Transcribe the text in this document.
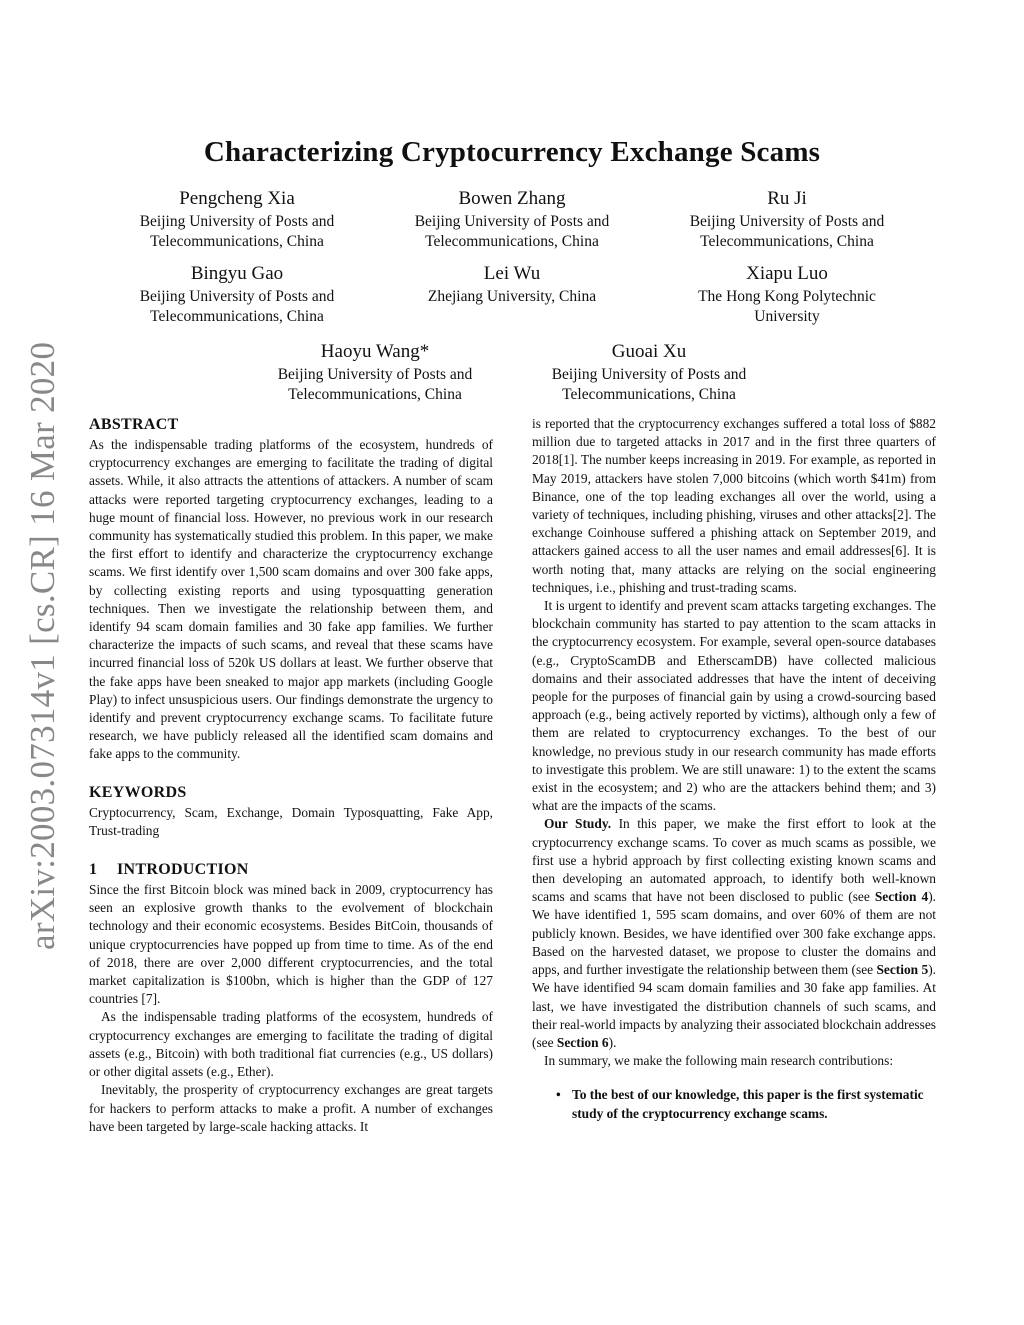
arXiv:2003.07314v1 [cs.CR] 16 Mar 2020
Characterizing Cryptocurrency Exchange Scams
Pengcheng Xia
Beijing University of Posts and
Telecommunications, China
Bowen Zhang
Beijing University of Posts and
Telecommunications, China
Ru Ji
Beijing University of Posts and
Telecommunications, China
Bingyu Gao
Beijing University of Posts and
Telecommunications, China
Lei Wu
Zhejiang University, China
Xiapu Luo
The Hong Kong Polytechnic
University
Haoyu Wang*
Beijing University of Posts and
Telecommunications, China
Guoai Xu
Beijing University of Posts and
Telecommunications, China
ABSTRACT

As the indispensable trading platforms of the ecosystem, hundreds of cryptocurrency exchanges are emerging to facilitate the trading of digital assets. While, it also attracts the attentions of attackers. A number of scam attacks were reported targeting cryptocurrency exchanges, leading to a huge mount of financial loss. However, no previous work in our research community has systematically studied this problem. In this paper, we make the first effort to identify and characterize the cryptocurrency exchange scams. We first identify over 1,500 scam domains and over 300 fake apps, by collecting existing reports and using typosquatting generation techniques. Then we investigate the relationship between them, and identify 94 scam domain families and 30 fake app families. We further characterize the impacts of such scams, and reveal that these scams have incurred financial loss of 520k US dollars at least. We further observe that the fake apps have been sneaked to major app markets (including Google Play) to infect unsuspicious users. Our findings demonstrate the urgency to identify and prevent cryptocurrency exchange scams. To facilitate future research, we have publicly released all the identified scam domains and fake apps to the community.

KEYWORDS

Cryptocurrency, Scam, Exchange, Domain Typosquatting, Fake App, Trust-trading

1 INTRODUCTION

Since the first Bitcoin block was mined back in 2009, cryptocurrency has seen an explosive growth thanks to the evolvement of blockchain technology and their economic ecosystems. Besides BitCoin, thousands of unique cryptocurrencies have popped up from time to time. As of the end of 2018, there are over 2,000 different cryptocurrencies, and the total market capitalization is $100bn, which is higher than the GDP of 127 countries [7].

As the indispensable trading platforms of the ecosystem, hundreds of cryptocurrency exchanges are emerging to facilitate the trading of digital assets (e.g., Bitcoin) with both traditional fiat currencies (e.g., US dollars) or other digital assets (e.g., Ether).

Inevitably, the prosperity of cryptocurrency exchanges are great targets for hackers to perform attacks to make a profit. A number of exchanges have been targeted by large-scale hacking attacks. It

is reported that the cryptocurrency exchanges suffered a total loss of $882 million due to targeted attacks in 2017 and in the first three quarters of 2018[1]. The number keeps increasing in 2019. For example, as reported in May 2019, attackers have stolen 7,000 bitcoins (which worth $41m) from Binance, one of the top leading exchanges all over the world, using a variety of techniques, including phishing, viruses and other attacks[2]. The exchange Coinhouse suffered a phishing attack on September 2019, and attackers gained access to all the user names and email addresses[6]. It is worth noting that, many attacks are relying on the social engineering techniques, i.e., phishing and trust-trading scams.

It is urgent to identify and prevent scam attacks targeting exchanges. The blockchain community has started to pay attention to the scam attacks in the cryptocurrency ecosystem. For example, several open-source databases (e.g., CryptoScamDB and EtherscamDB) have collected malicious domains and their associated addresses that have the intent of deceiving people for the purposes of financial gain by using a crowd-sourcing based approach (e.g., being actively reported by victims), although only a few of them are related to cryptocurrency exchanges. To the best of our knowledge, no previous study in our research community has made efforts to investigate this problem. We are still unaware: 1) to the extent the scams exist in the ecosystem; and 2) who are the attackers behind them; and 3) what are the impacts of the scams.

Our Study. In this paper, we make the first effort to look at the cryptocurrency exchange scams. To cover as much scams as possible, we first use a hybrid approach by first collecting existing known scams and then developing an automated approach, to identify both well-known scams and scams that have not been disclosed to public (see Section 4). We have identified 1, 595 scam domains, and over 60% of them are not publicly known. Besides, we have identified over 300 fake exchange apps. Based on the harvested dataset, we propose to cluster the domains and apps, and further investigate the relationship between them (see Section 5). We have identified 94 scam domain families and 30 fake app families. At last, we have investigated the distribution channels of such scams, and their real-world impacts by analyzing their associated blockchain addresses (see Section 6).

In summary, we make the following main research contributions:

• To the best of our knowledge, this paper is the first systematic study of the cryptocurrency exchange scams.
